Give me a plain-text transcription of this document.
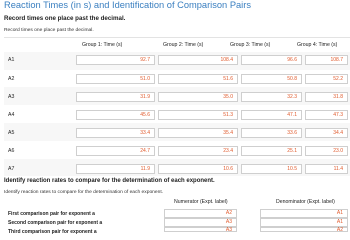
Reaction Times (in s) and Identification of Comparison Pairs
Record times one place past the decimal.
Record times one place past the decimal.
Group 1: Time (s)	Group 2: Time (s)	Group 3: Time (s)	Group 4: Time (s)
A1	92.7	108.4	96.6	108.7
A2	51.0	51.6	50.8	52.2
A3	31.9	35.0	32.3	31.8
A4	45.6	51.3	47.1	47.3
A5	33.4	35.4	33.6	34.4
A6	24.7	23.4	25.1	23.0
A7	11.9	10.6	10.5	11.4
Identify reaction rates to compare for the determination of each exponent.
Identify reaction rates to compare for the determination of each exponent.
Numerator (Expt. label)	Denominator (Expt. label)
First comparison pair for exponent a	A2	A1
Second comparison pair for exponent a	A3	A1
Third comparison pair for exponent a	A3	A2
